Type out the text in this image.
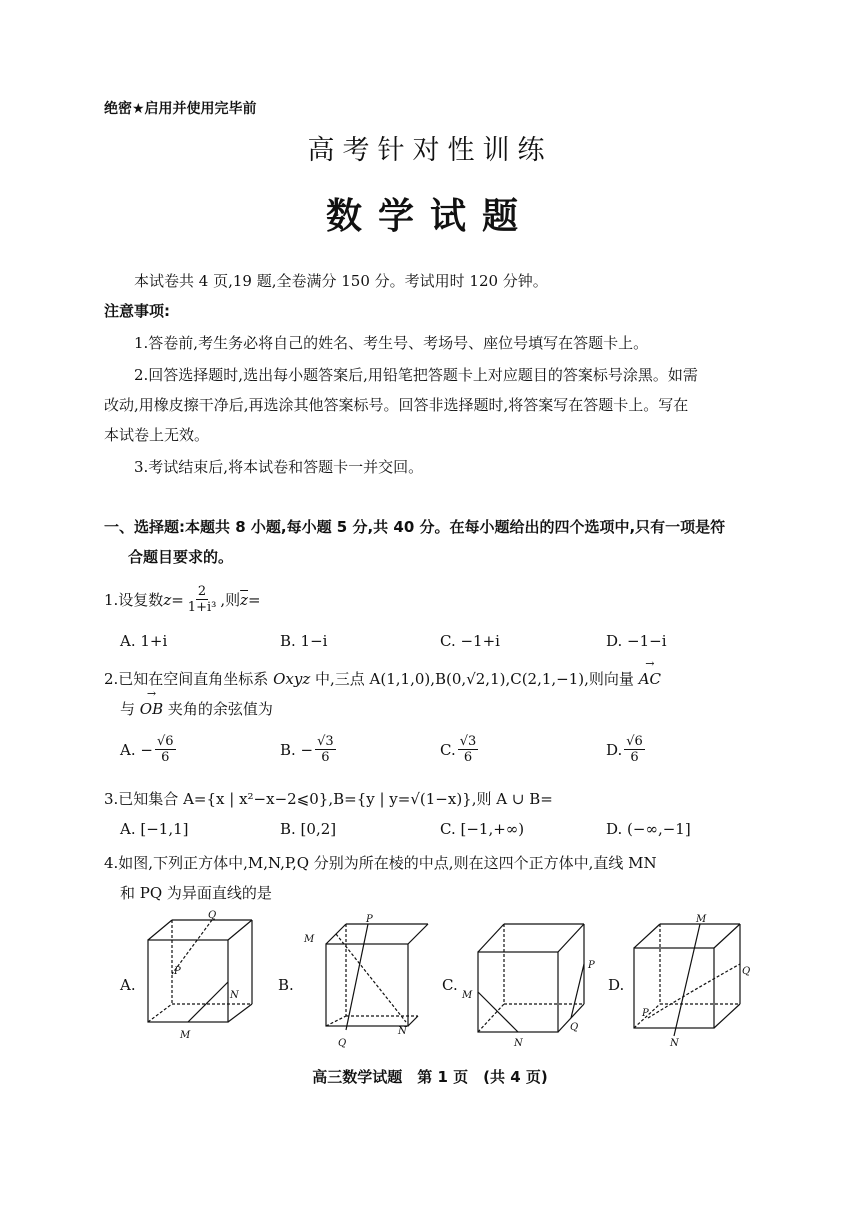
绝密★启用并使用完毕前
高考针对性训练
数学试题
本试卷共 4 页,19 题,全卷满分 150 分。考试用时 120 分钟。
注意事项:
1.答卷前,考生务必将自己的姓名、考生号、考场号、座位号填写在答题卡上。
2.回答选择题时,选出每小题答案后,用铅笔把答题卡上对应题目的答案标号涂黑。如需
改动,用橡皮擦干净后,再选涂其他答案标号。回答非选择题时,将答案写在答题卡上。写在
本试卷上无效。
3.考试结束后,将本试卷和答题卡一并交回。
一、选择题:本题共 8 小题,每小题 5 分,共 40 分。在每小题给出的四个选项中,只有一项是符
合题目要求的。
1.设复数 $z = \frac{2}{\text{1+i³}}$ ,则 $\overline{z}$ =
A. 1+i	B. 1−i	C. −1+i	D. −1−i
2.已知在空间直角坐标系 Oxyz 中,三点 A(1,1,0),B(0,√2,1),C(2,1,−1),则向量 → AC
与 → OB 夹角的余弦值为
A. − $\frac{√6}{6}$	B. − $\frac{√3}{6}$	C. $\frac{√3}{6}$	D. $\frac{√6}{6}$
3.已知集合 A={x | x²−x−2⩽0},B={y | y=√(1−x)},则 A ∪ B=
A. [−1,1]	B. [0,2]	C. [−1,+∞)	D. (−∞,−1]
4.如图,下列正方体中,M,N,P,Q 分别为所在棱的中点,则在这四个正方体中,直线 MN
和 PQ 为异面直线的是
A.	B.	C.	D.
Q
P
N
M
P
M
N
Q
M
N
P
Q
M
Q
P
N
高三数学试题　第 1 页　(共 4 页)
